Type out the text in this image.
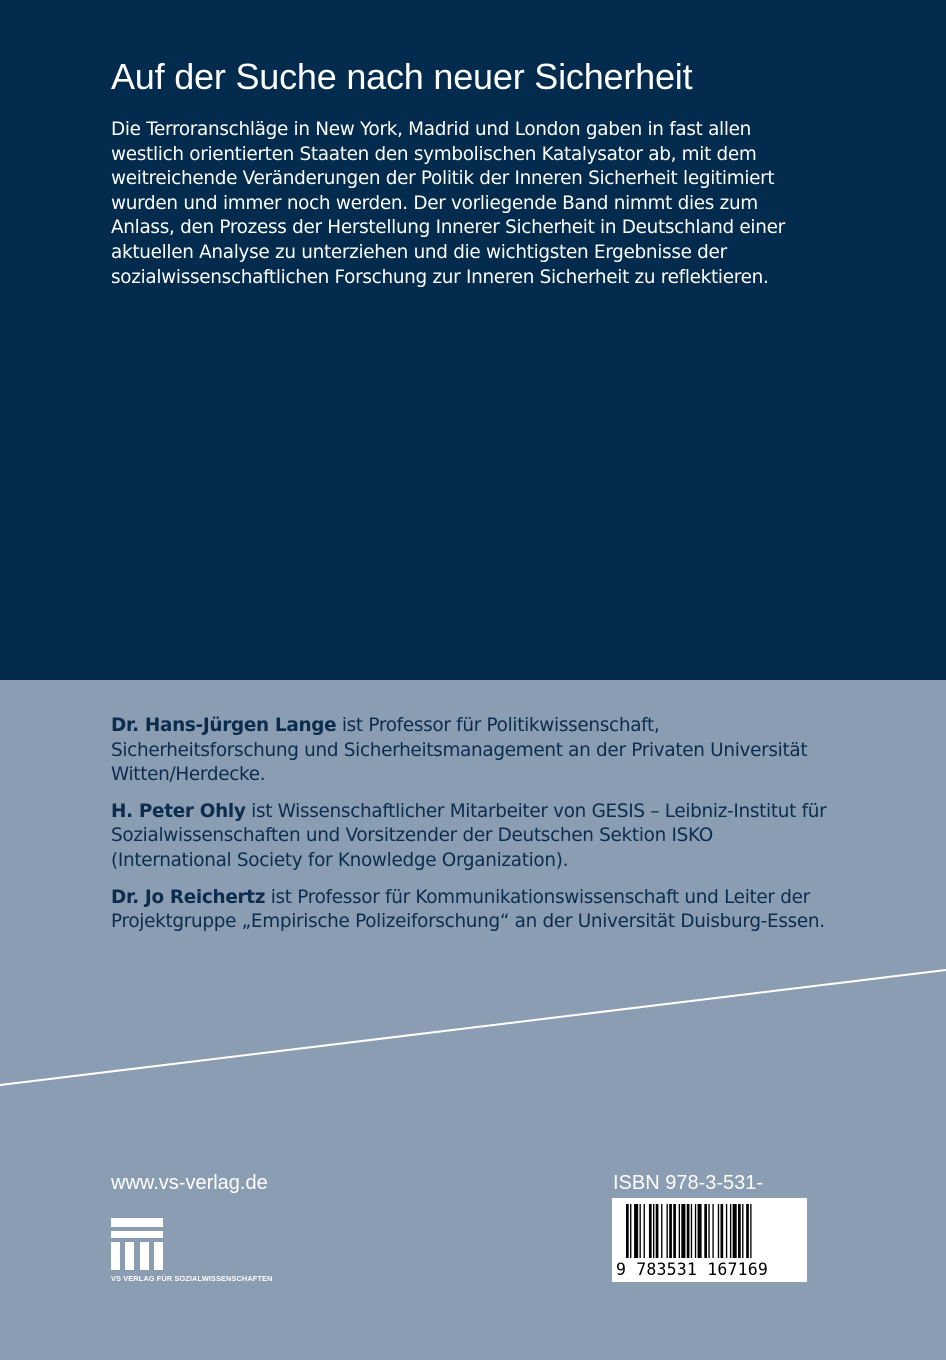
Auf der Suche nach neuer Sicherheit

Die Terroranschläge in New York, Madrid und London gaben in fast allen westlich orientierten Staaten den symbolischen Katalysator ab, mit dem weitreichende Veränderungen der Politik der Inneren Sicherheit legitimiert wurden und immer noch werden. Der vorliegende Band nimmt dies zum Anlass, den Prozess der Herstellung Innerer Sicherheit in Deutschland einer aktuellen Analyse zu unterziehen und die wichtigsten Ergebnisse der sozialwissenschaftlichen Forschung zur Inneren Sicherheit zu reflektieren.

Dr. Hans-Jürgen Lange ist Professor für Politikwissenschaft, Sicherheitsforschung und Sicherheitsmanagement an der Privaten Universität Witten/Herdecke.

H. Peter Ohly ist Wissenschaftlicher Mitarbeiter von GESIS – Leibniz-Institut für Sozialwissenschaften und Vorsitzender der Deutschen Sektion ISKO (International Society for Knowledge Organization).

Dr. Jo Reichertz ist Professor für Kommunikationswissenschaft und Leiter der Projektgruppe „Empirische Polizeiforschung“ an der Universität Duisburg-Essen.

www.vs-verlag.de
VS VERLAG FÜR SOZIALWISSENSCHAFTEN
ISBN 978-3-531-
9 783531 167169
